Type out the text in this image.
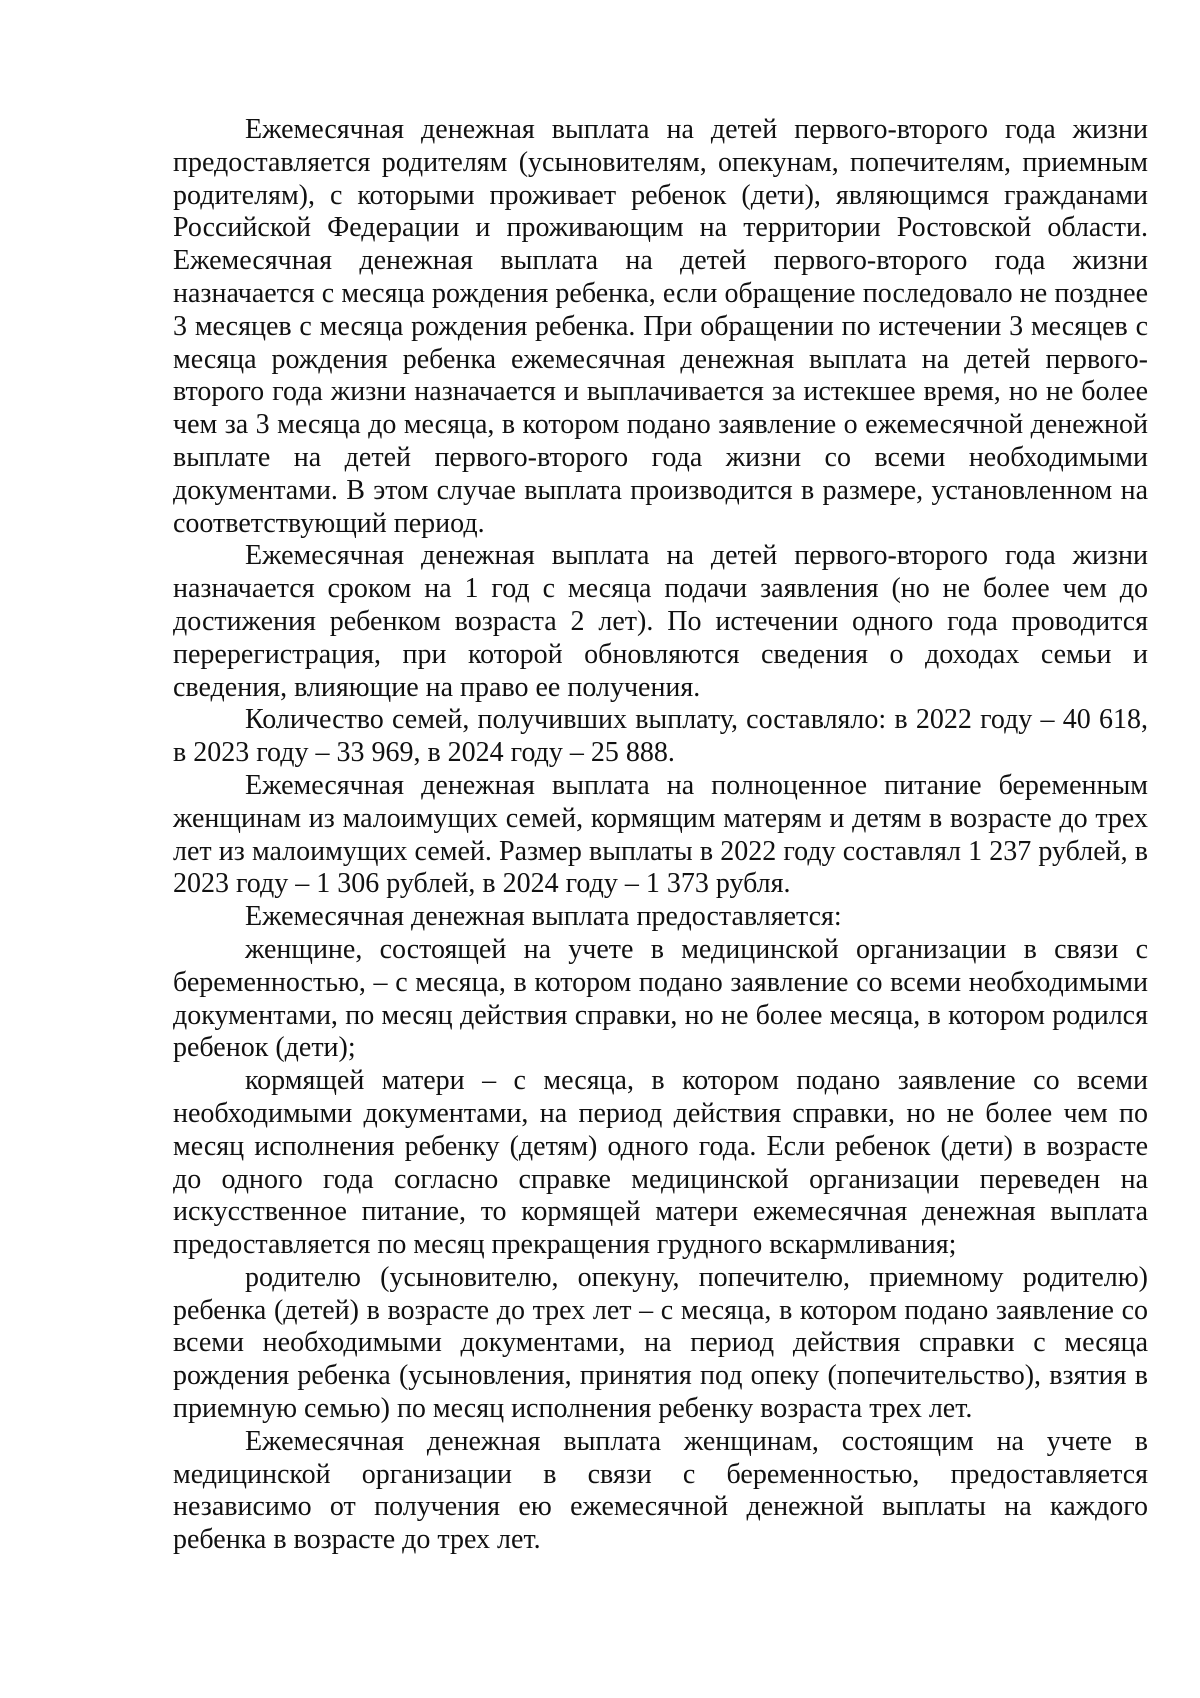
Ежемесячная денежная выплата на детей первого-второго года жизни предоставляется родителям (усыновителям, опекунам, попечителям, приемным родителям), с которыми проживает ребенок (дети), являющимся гражданами Российской Федерации и проживающим на территории Ростовской области. Ежемесячная денежная выплата на детей первого-второго года жизни назначается с месяца рождения ребенка, если обращение последовало не позднее 3 месяцев с месяца рождения ребенка. При обращении по истечении 3 месяцев с месяца рождения ребенка ежемесячная денежная выплата на детей первого-второго года жизни назначается и выплачивается за истекшее время, но не более чем за 3 месяца до месяца, в котором подано заявление о ежемесячной денежной выплате на детей первого-второго года жизни со всеми необходимыми документами. В этом случае выплата производится в размере, установленном на соответствующий период.

Ежемесячная денежная выплата на детей первого-второго года жизни назначается сроком на 1 год с месяца подачи заявления (но не более чем до достижения ребенком возраста 2 лет). По истечении одного года проводится перерегистрация, при которой обновляются сведения о доходах семьи и сведения, влияющие на право ее получения.

Количество семей, получивших выплату, составляло: в 2022 году – 40 618, в 2023 году – 33 969, в 2024 году – 25 888.

Ежемесячная денежная выплата на полноценное питание беременным женщинам из малоимущих семей, кормящим матерям и детям в возрасте до трех лет из малоимущих семей. Размер выплаты в 2022 году составлял 1 237 рублей, в 2023 году – 1 306 рублей, в 2024 году – 1 373 рубля.

Ежемесячная денежная выплата предоставляется:

женщине, состоящей на учете в медицинской организации в связи с беременностью, – с месяца, в котором подано заявление со всеми необходимыми документами, по месяц действия справки, но не более месяца, в котором родился ребенок (дети);

кормящей матери – с месяца, в котором подано заявление со всеми необходимыми документами, на период действия справки, но не более чем по месяц исполнения ребенку (детям) одного года. Если ребенок (дети) в возрасте до одного года согласно справке медицинской организации переведен на искусственное питание, то кормящей матери ежемесячная денежная выплата предоставляется по месяц прекращения грудного вскармливания;

родителю (усыновителю, опекуну, попечителю, приемному родителю) ребенка (детей) в возрасте до трех лет – с месяца, в котором подано заявление со всеми необходимыми документами, на период действия справки с месяца рождения ребенка (усыновления, принятия под опеку (попечительство), взятия в приемную семью) по месяц исполнения ребенку возраста трех лет.

Ежемесячная денежная выплата женщинам, состоящим на учете в медицинской организации в связи с беременностью, предоставляется независимо от получения ею ежемесячной денежной выплаты на каждого ребенка в возрасте до трех лет.
